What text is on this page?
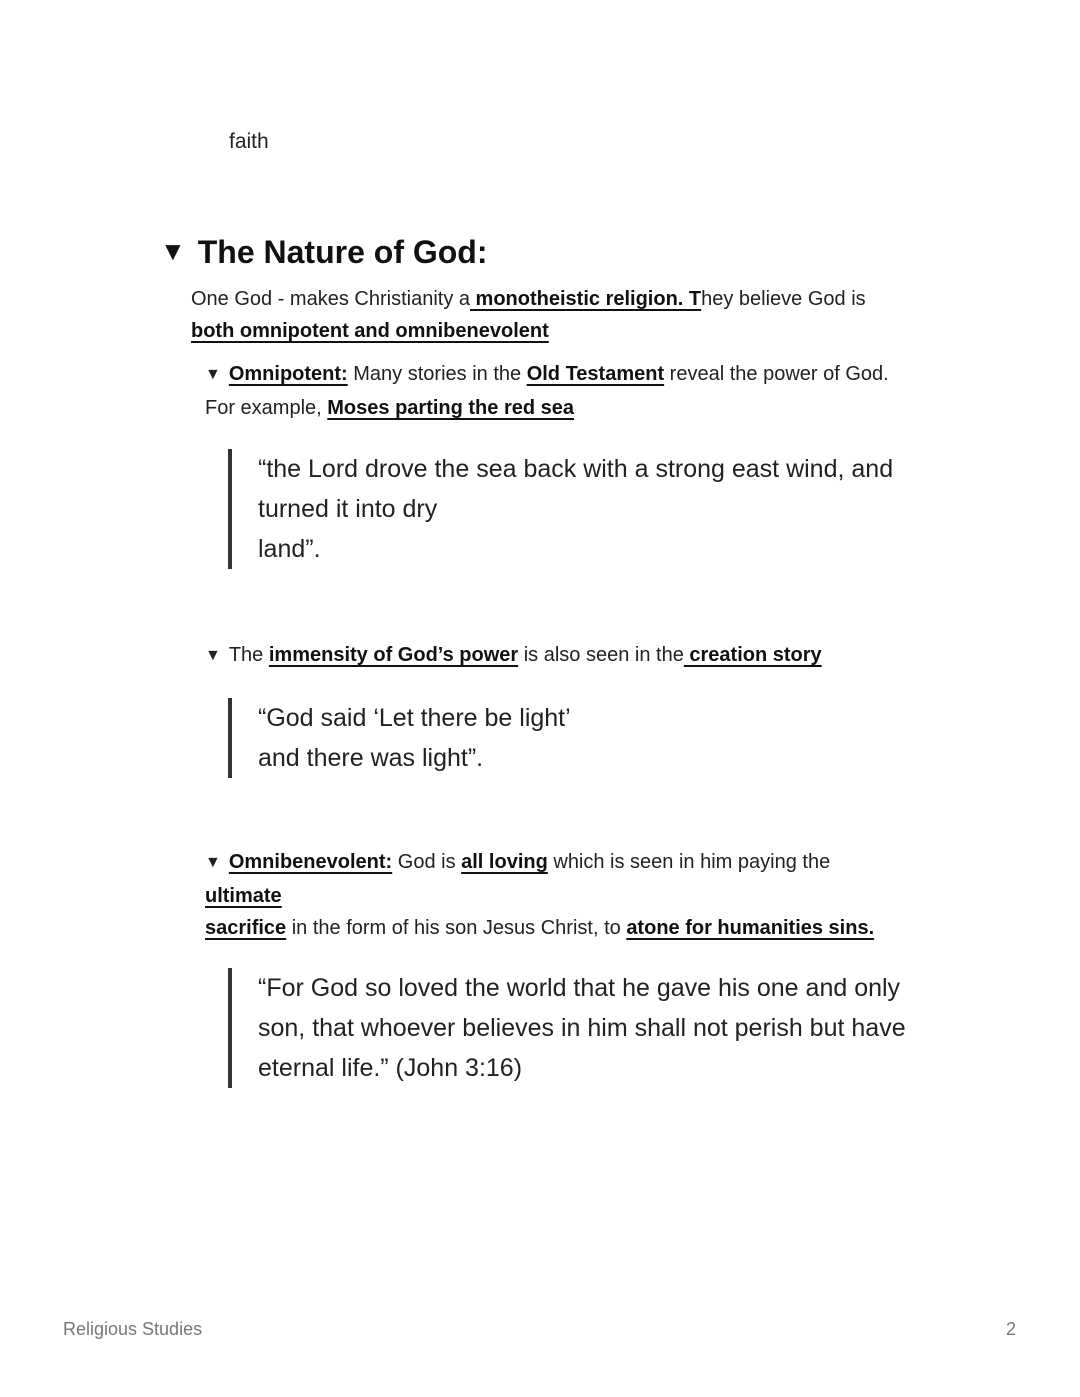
faith
▼ The Nature of God:
One God - makes Christianity a monotheistic religion. They believe God is
both omnipotent and omnibenevolent
▼ Omnipotent: Many stories in the Old Testament reveal the power of God.
For example, Moses parting the red sea
“the Lord drove the sea back with a strong east wind, and
turned it into dry
land”.
▼ The immensity of God’s power is also seen in the creation story
“God said ‘Let there be light’
and there was light”.
▼ Omnibenevolent: God is all loving which is seen in him paying the
ultimate
sacrifice in the form of his son Jesus Christ, to atone for humanities sins.
“For God so loved the world that he gave his one and only
son, that whoever believes in him shall not perish but have
eternal life.” (John 3:16)
Religious Studies	2
